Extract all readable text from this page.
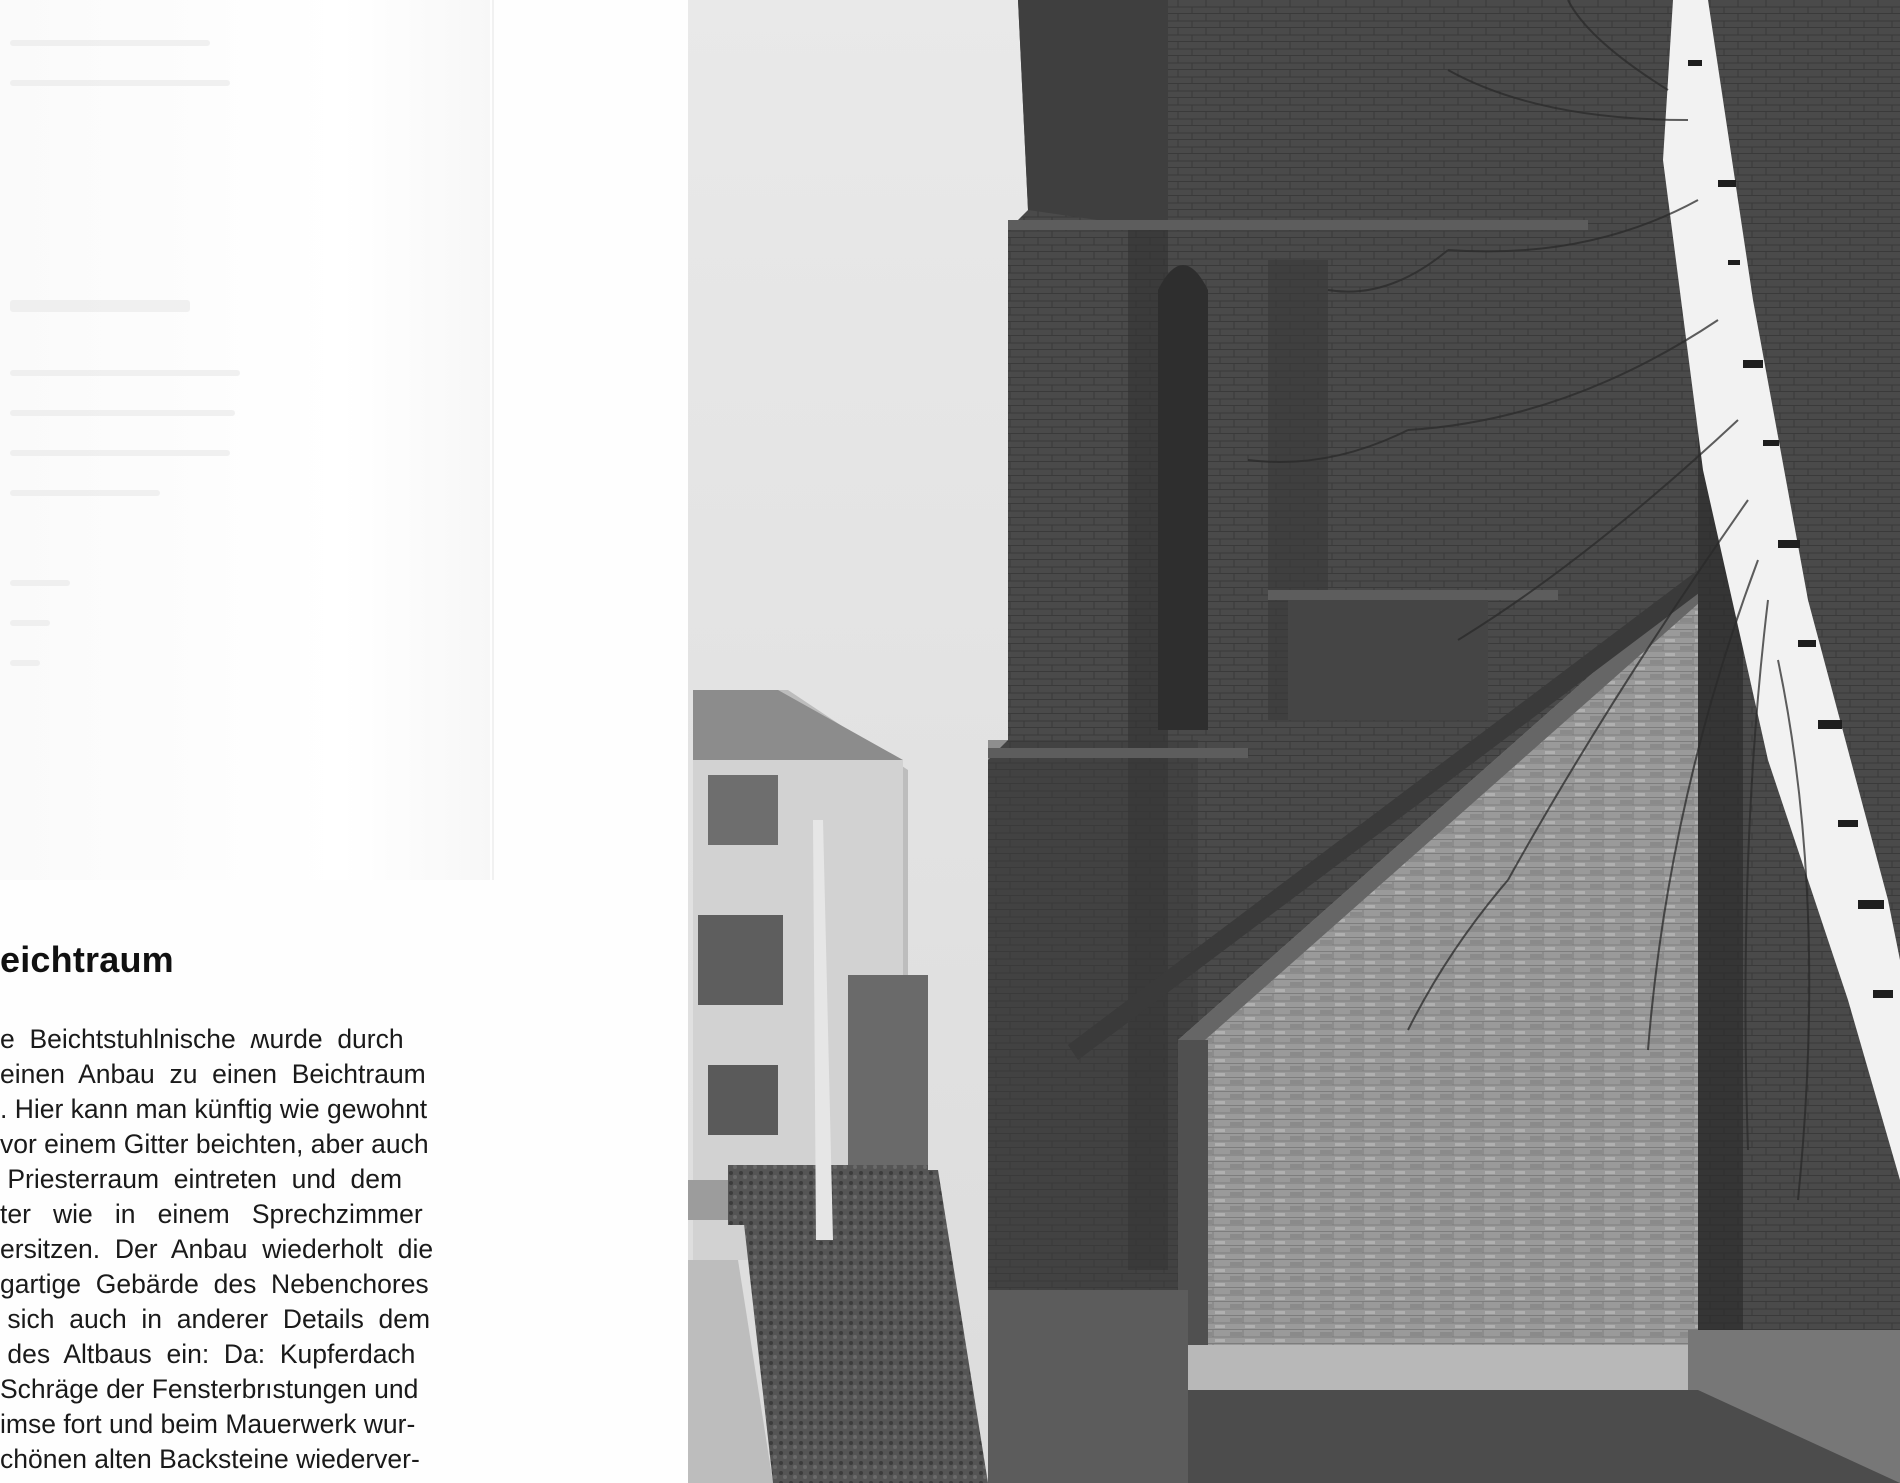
eichtraum
e  Beichtstuhlnische  ʍurde  durch
einen  Anbau  zu  einen  Beichtraum
. Hier kann man künftiɡ wie gewohnt
vor einem Gitter beichten, aber auch
Priesterraum  eintreten  und  dem
ter   wie   in   einem   Sprechzimmer
ersitzen.  Der  Anbau  wiederholt  die
gartige  Gebärde  des  Nebenchores
sich  auch  in  anderer  Details  dem
des  Altbaus  ein:  Da:  Kupferdach
Schräge der Fensterbrıstungen und
imse fort und beim Mauerwerk wur-
chönen alten Backsteine wiederver-
